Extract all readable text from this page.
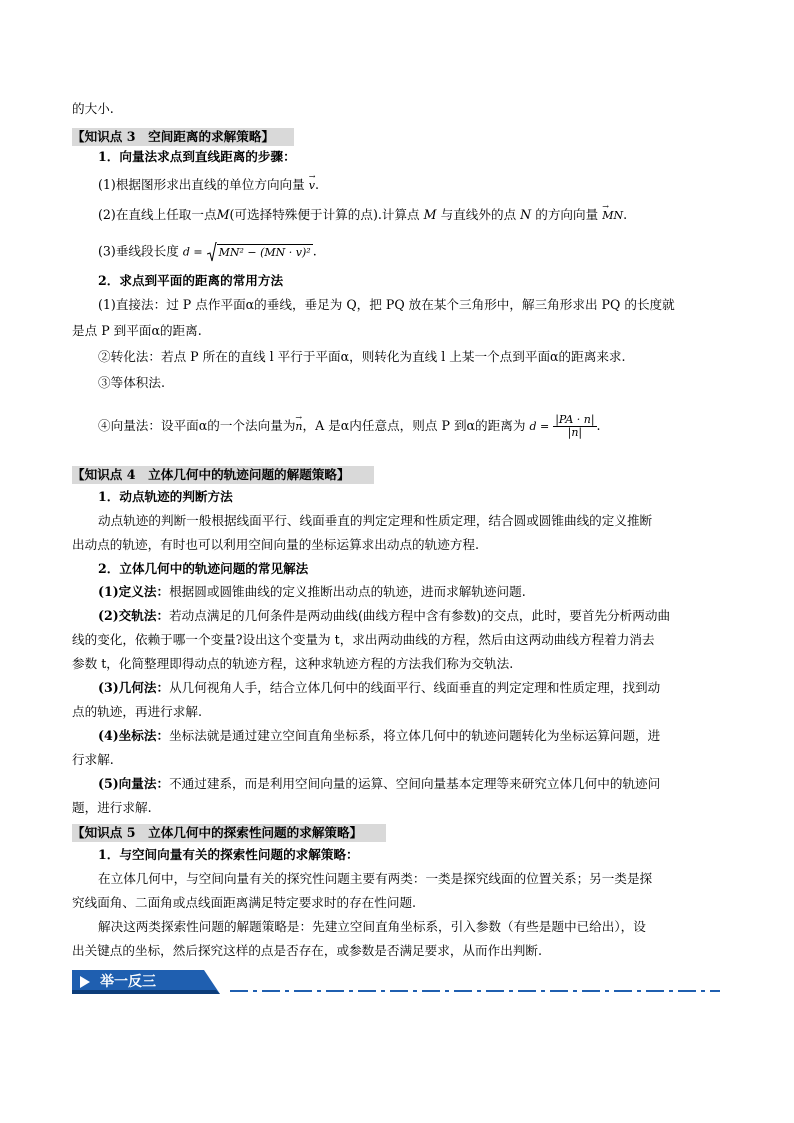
的大小.
【知识点 3　空间距离的求解策略】
1．向量法求点到直线距离的步骤：
(1)根据图形求出直线的单位方向向量 → v.
(2)在直线上任取一点M(可选择特殊便于计算的点).计算点 M 与直线外的点 N 的方向向量 → MN.
(3)垂线段长度 d = MN² − (MN · v)² .
2．求点到平面的距离的常用方法
(1)直接法：过 P 点作平面α的垂线，垂足为 Q，把 PQ 放在某个三角形中，解三角形求出 PQ 的长度就
是点 P 到平面α的距离.
②转化法：若点 P 所在的直线 l 平行于平面α，则转化为直线 l 上某一个点到平面α的距离来求.
③等体积法.
④向量法：设平面α的一个法向量为→ n，A 是α内任意点，则点 P 到α的距离为 $d = \frac{|PA \cdot n|}{|n|}$ .
【知识点 4　立体几何中的轨迹问题的解题策略】
1．动点轨迹的判断方法
动点轨迹的判断一般根据线面平行、线面垂直的判定定理和性质定理，结合圆或圆锥曲线的定义推断
出动点的轨迹，有时也可以利用空间向量的坐标运算求出动点的轨迹方程.
2．立体几何中的轨迹问题的常见解法
(1)定义法：根据圆或圆锥曲线的定义推断出动点的轨迹，进而求解轨迹问题.
(2)交轨法：若动点满足的几何条件是两动曲线(曲线方程中含有参数)的交点，此时，要首先分析两动曲
线的变化，依赖于哪一个变量?设出这个变量为 t，求出两动曲线的方程，然后由这两动曲线方程着力消去
参数 t，化简整理即得动点的轨迹方程，这种求轨迹方程的方法我们称为交轨法.
(3)几何法：从几何视角人手，结合立体几何中的线面平行、线面垂直的判定定理和性质定理，找到动
点的轨迹，再进行求解.
(4)坐标法：坐标法就是通过建立空间直角坐标系，将立体几何中的轨迹问题转化为坐标运算问题，进
行求解.
(5)向量法：不通过建系，而是利用空间向量的运算、空间向量基本定理等来研究立体几何中的轨迹问
题，进行求解.
【知识点 5　立体几何中的探索性问题的求解策略】
1．与空间向量有关的探索性问题的求解策略：
在立体几何中，与空间向量有关的探究性问题主要有两类：一类是探究线面的位置关系；另一类是探
究线面角、二面角或点线面距离满足特定要求时的存在性问题.
解决这两类探索性问题的解题策略是：先建立空间直角坐标系，引入参数（有些是题中已给出），设
出关键点的坐标，然后探究这样的点是否存在，或参数是否满足要求，从而作出判断.
举一反三
